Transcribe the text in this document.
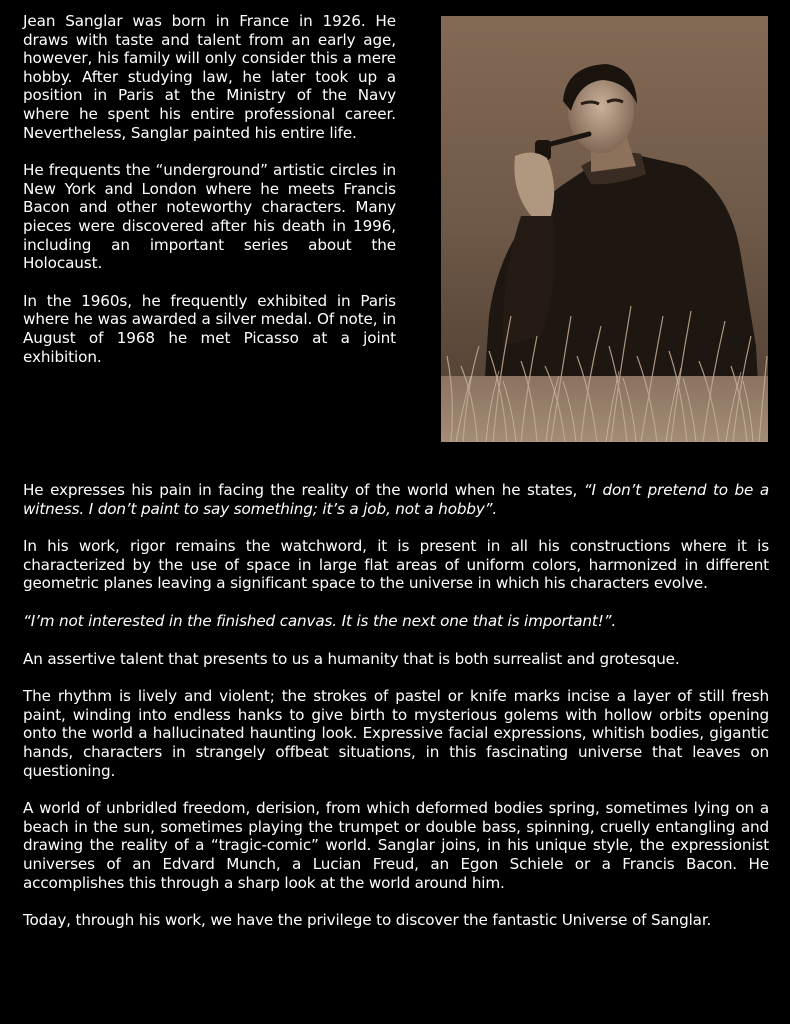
Jean Sanglar was born in France in 1926. He draws with taste and talent from an early age, however, his family will only consider this a mere hobby. After studying law, he later took up a position in Paris at the Ministry of the Navy where he spent his entire professional career. Nevertheless, Sanglar painted his entire life.

He frequents the “underground” artistic circles in New York and London where he meets Francis Bacon and other noteworthy characters. Many pieces were discovered after his death in 1996, including an important series about the Holocaust.

In the 1960s, he frequently exhibited in Paris where he was awarded a silver medal. Of note, in August of 1968 he met Picasso at a joint exhibition.

He expresses his pain in facing the reality of the world when he states, “I don’t pretend to be a witness. I don’t paint to say something; it’s a job, not a hobby”.

In his work, rigor remains the watchword, it is present in all his constructions where it is characterized by the use of space in large flat areas of uniform colors, harmonized in different geometric planes leaving a significant space to the universe in which his characters evolve.

“I’m not interested in the finished canvas. It is the next one that is important!”.

An assertive talent that presents to us a humanity that is both surrealist and grotesque.

The rhythm is lively and violent; the strokes of pastel or knife marks incise a layer of still fresh paint, winding into endless hanks to give birth to mysterious golems with hollow orbits opening onto the world a hallucinated haunting look. Expressive facial expressions, whitish bodies, gigantic hands, characters in strangely offbeat situations, in this fascinating universe that leaves on questioning.

A world of unbridled freedom, derision, from which deformed bodies spring, sometimes lying on a beach in the sun, sometimes playing the trumpet or double bass, spinning, cruelly entangling and drawing the reality of a “tragic-comic” world. Sanglar joins, in his unique style, the expressionist universes of an Edvard Munch, a Lucian Freud, an Egon Schiele or a Francis Bacon. He accomplishes this through a sharp look at the world around him.

Today, through his work, we have the privilege to discover the fantastic Universe of Sanglar.
